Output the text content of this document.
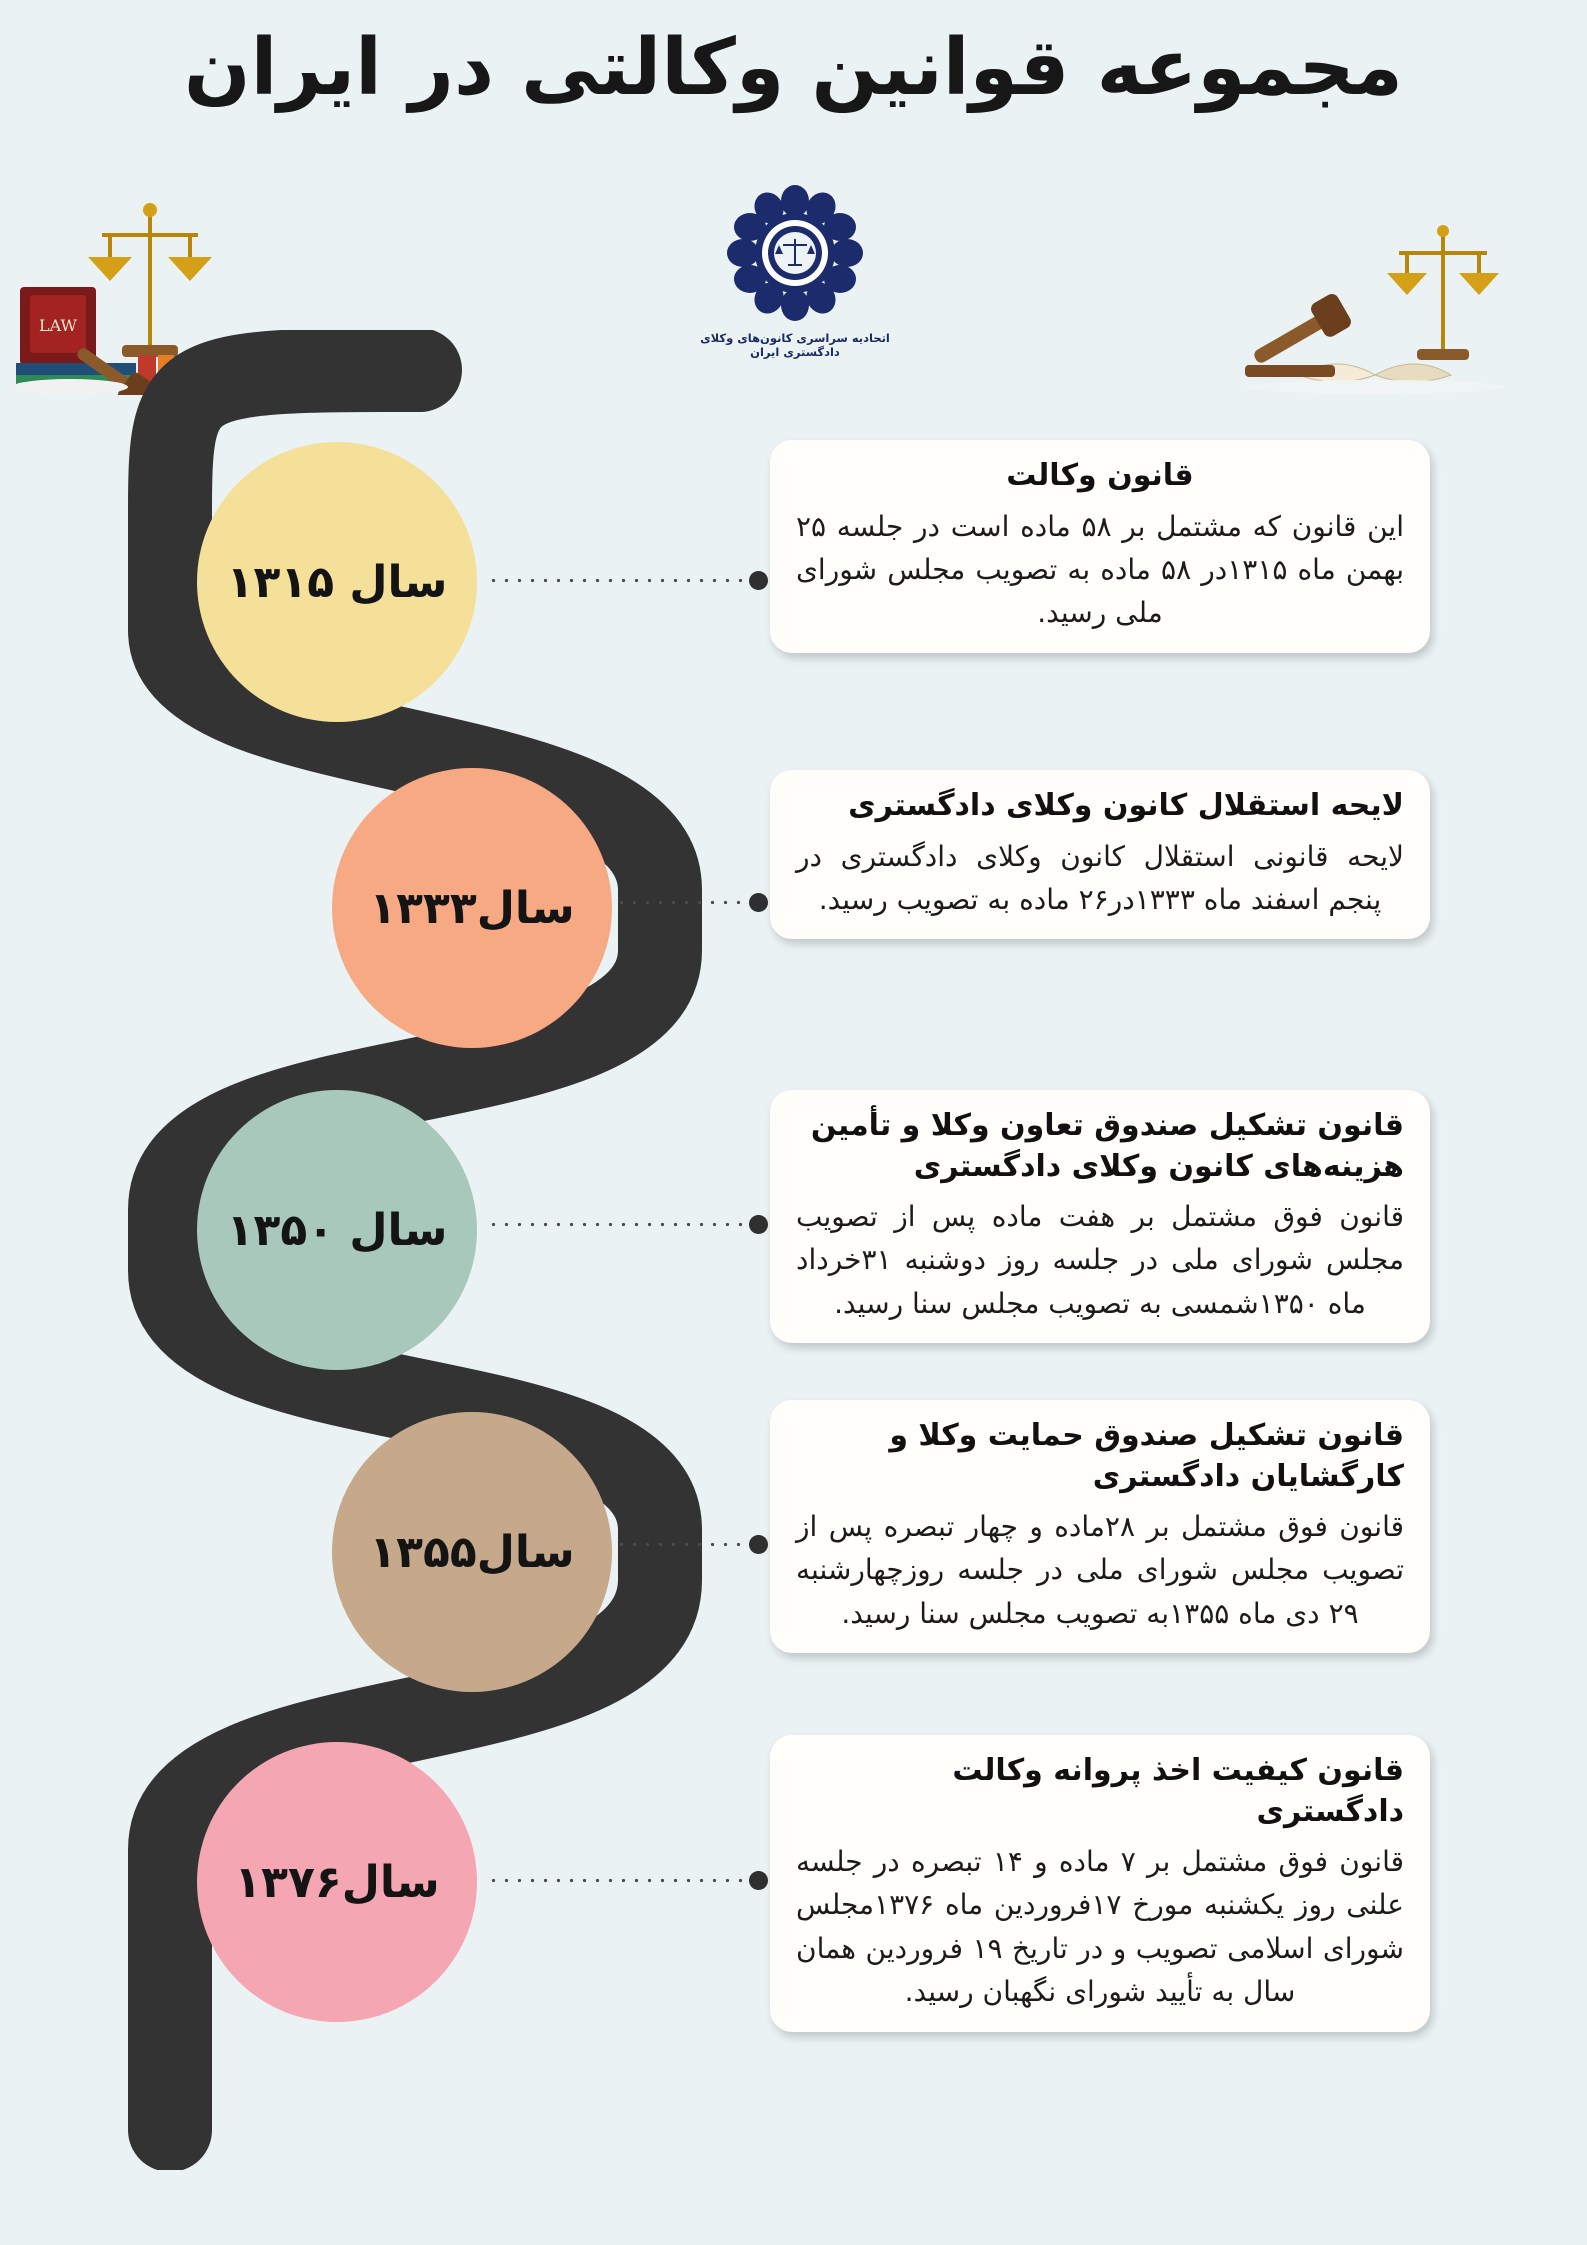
مجموعه قوانین وکالتی در ایران
LAW
اتحادیه سراسری کانون‌های وکلای دادگستری ایران
سال ۱۳۱۵
قانون وکالت
این قانون که مشتمل بر ۵۸ ماده است در جلسه ۲۵ بهمن ماه ۱۳۱۵در ۵۸ ماده به تصویب مجلس شورای ملی رسید.
سال۱۳۳۳
لایحه استقلال کانون وکلای دادگستری
لایحه قانونی استقلال کانون وکلای دادگستری در پنجم اسفند ماه ۱۳۳۳در۲۶ ماده به تصویب رسید.
سال ۱۳۵۰
قانون تشکیل صندوق تعاون وکلا و تأمین هزینه‌های کانون وکلای دادگستری
قانون فوق مشتمل بر هفت ماده پس از تصویب مجلس شورای ملی در جلسه روز دوشنبه ۳۱خرداد ماه ۱۳۵۰شمسی به تصویب مجلس سنا رسید.
سال۱۳۵۵
قانون تشکیل صندوق حمایت وکلا و کارگشایان دادگستری
قانون فوق مشتمل بر ۲۸ماده و چهار تبصره پس از تصویب مجلس شورای ملی در جلسه روزچهارشنبه ۲۹ دی ماه ۱۳۵۵به تصویب مجلس سنا رسید.
سال۱۳۷۶
قانون کیفیت اخذ پروانه وکالت دادگستری
قانون فوق مشتمل بر ۷ ماده و ۱۴ تبصره در جلسه علنی روز یکشنبه مورخ ۱۷فروردین ماه ۱۳۷۶مجلس شورای اسلامی تصویب و در تاریخ ۱۹ فروردین همان سال به تأیید شورای نگهبان رسید.
